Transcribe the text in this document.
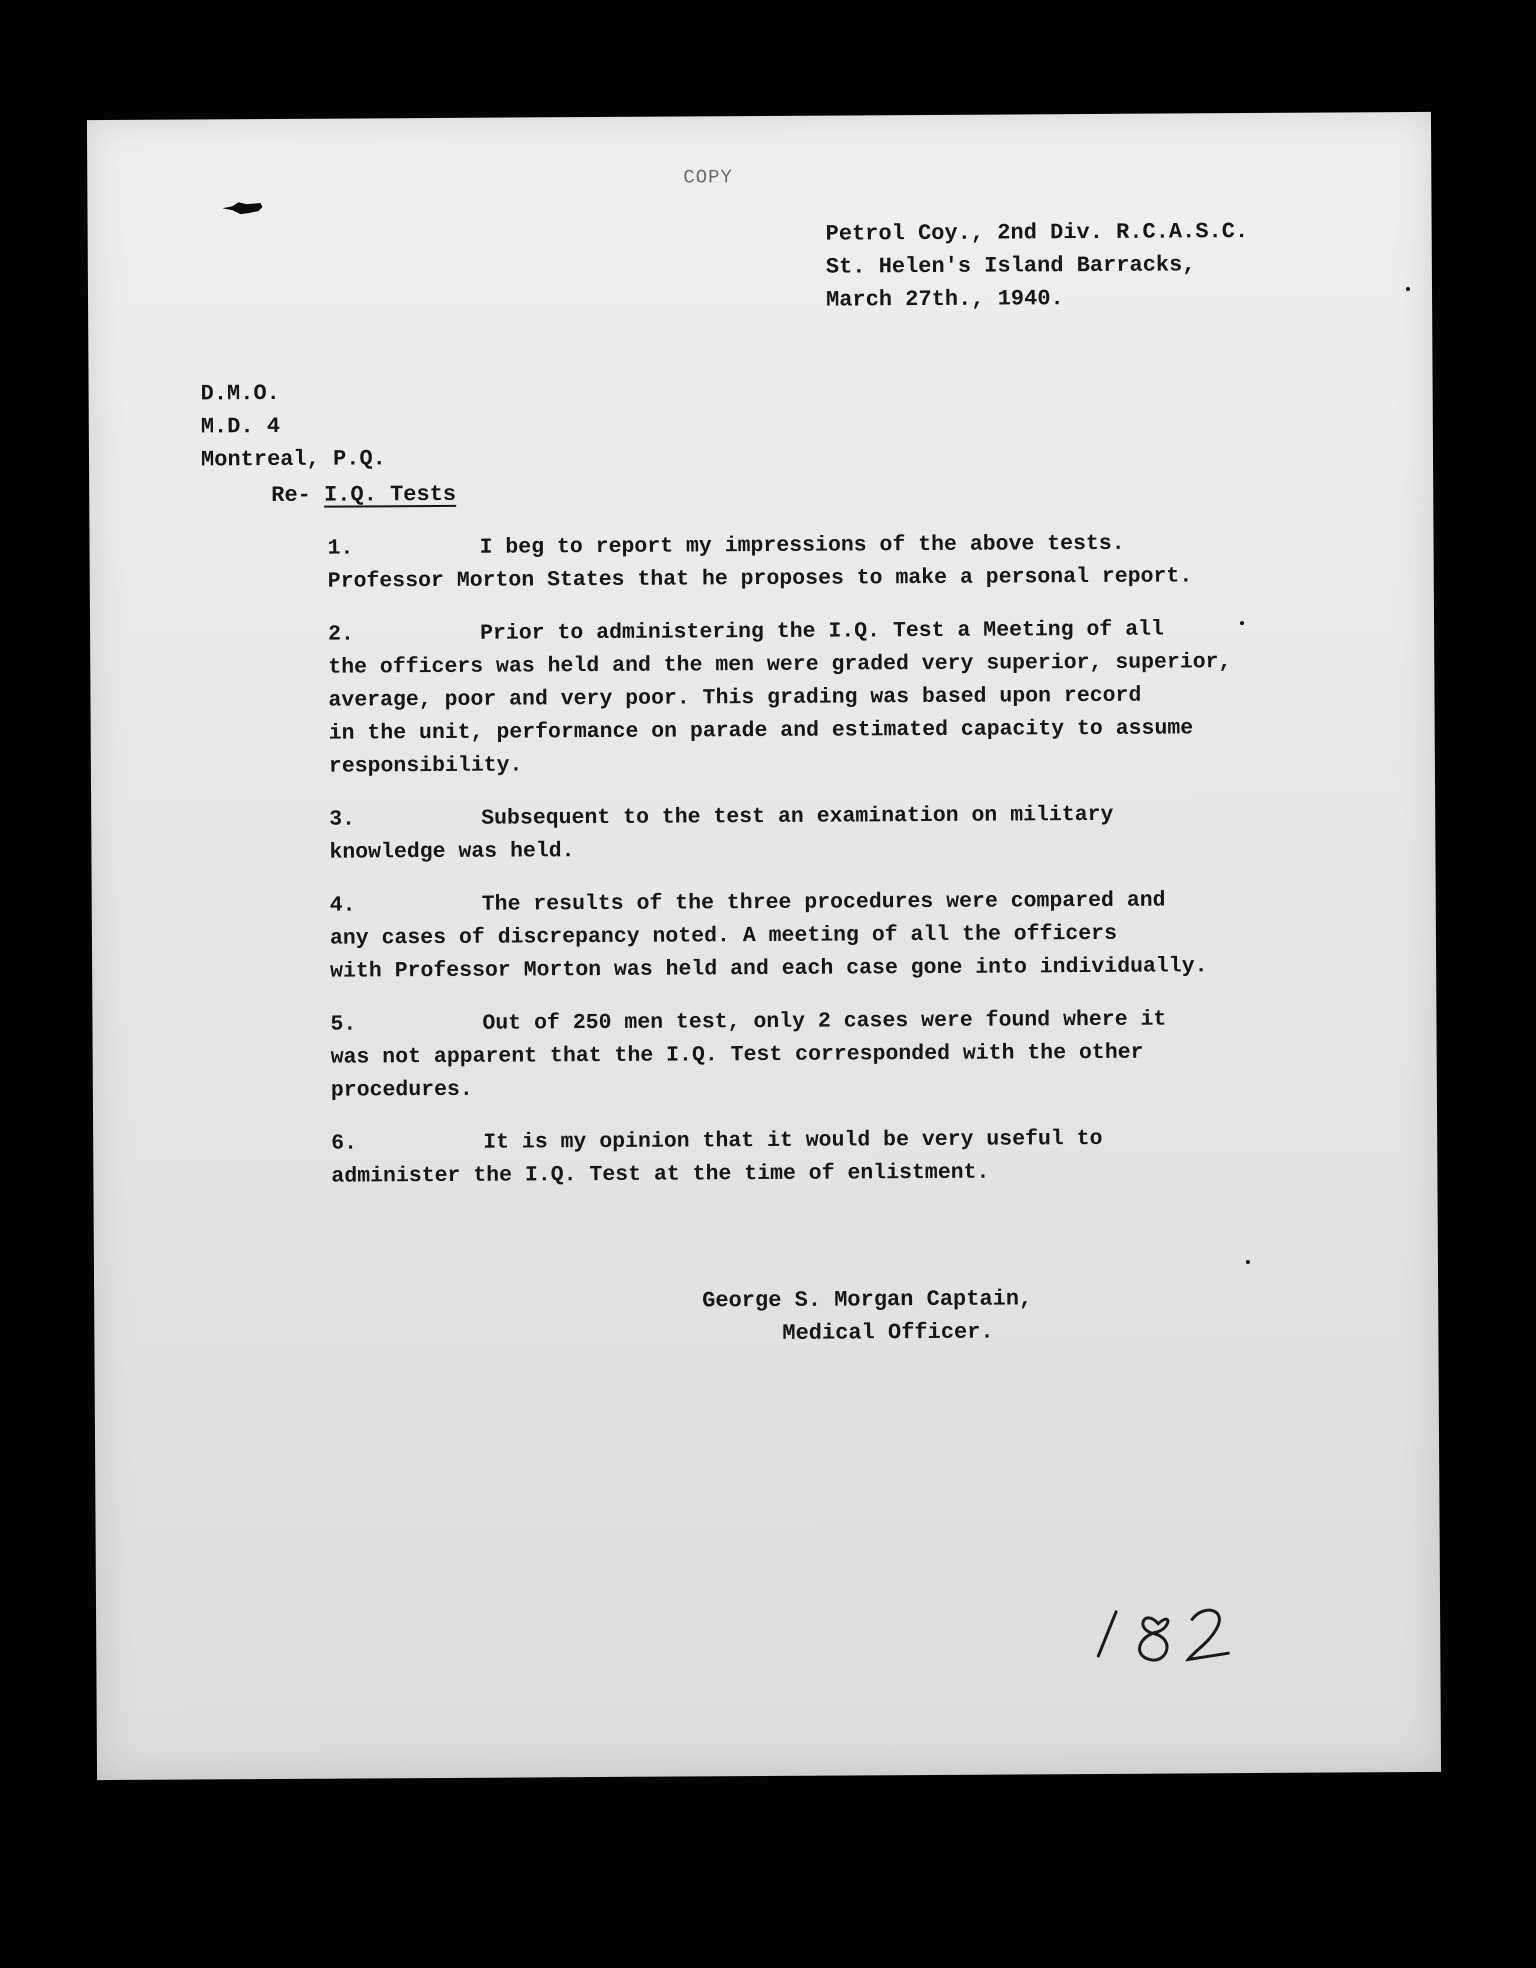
COPY
Petrol Coy., 2nd Div. R.C.A.S.C.
St. Helen's Island Barracks,
March 27th., 1940.
D.M.O.
M.D. 4
Montreal, P.Q.
Re- I.Q. Tests
1.	I beg to report my impressions of the above tests.
Professor Morton States that he proposes to make a personal report.
2.	Prior to administering the I.Q. Test a Meeting of all
the officers was held and the men were graded very superior, superior,
average, poor and very poor. This grading was based upon record
in the unit, performance on parade and estimated capacity to assume
responsibility.
3.	Subsequent to the test an examination on military
knowledge was held.
4.	The results of the three procedures were compared and
any cases of discrepancy noted. A meeting of all the officers
with Professor Morton was held and each case gone into individually.
5.	Out of 250 men test, only 2 cases were found where it
was not apparent that the I.Q. Test corresponded with the other
procedures.
6.	It is my opinion that it would be very useful to
administer the I.Q. Test at the time of enlistment.
George S. Morgan Captain,
Medical Officer.
